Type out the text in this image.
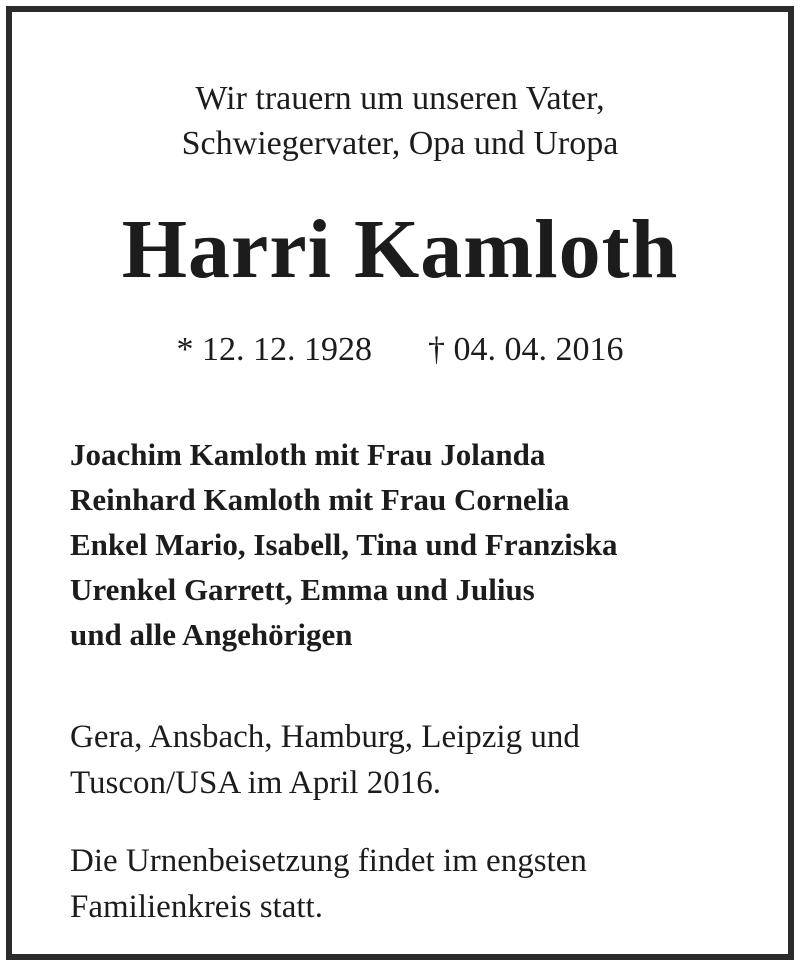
Wir trauern um unseren Vater,
Schwiegervater, Opa und Uropa
Harri Kamloth
* 12. 12. 1928 † 04. 04. 2016
Joachim Kamloth mit Frau Jolanda
Reinhard Kamloth mit Frau Cornelia
Enkel Mario, Isabell, Tina und Franziska
Urenkel Garrett, Emma und Julius
und alle Angehörigen
Gera, Ansbach, Hamburg, Leipzig und
Tuscon/USA im April 2016.
Die Urnenbeisetzung findet im engsten
Familienkreis statt.
